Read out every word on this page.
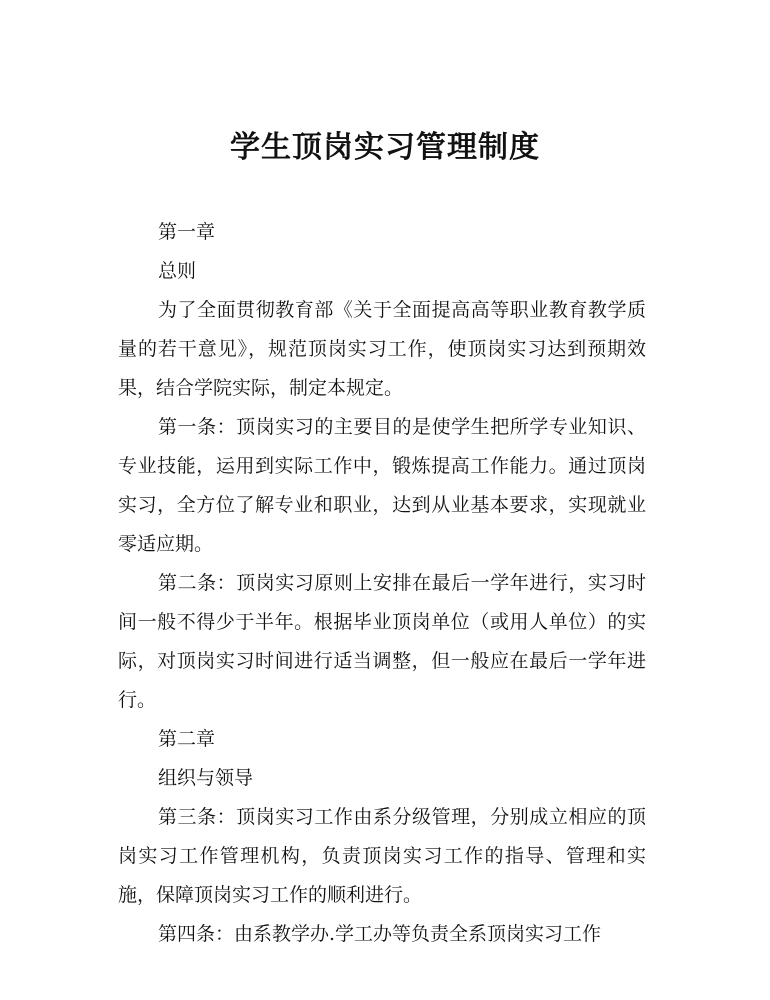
学生顶岗实习管理制度

第一章

总则

为了全面贯彻教育部《关于全面提高高等职业教育教学质量的若干意见》，规范顶岗实习工作，使顶岗实习达到预期效果，结合学院实际，制定本规定。

第一条：顶岗实习的主要目的是使学生把所学专业知识、专业技能，运用到实际工作中，锻炼提高工作能力。通过顶岗实习，全方位了解专业和职业，达到从业基本要求，实现就业零适应期。

第二条：顶岗实习原则上安排在最后一学年进行，实习时间一般不得少于半年。根据毕业顶岗单位（或用人单位）的实际，对顶岗实习时间进行适当调整，但一般应在最后一学年进行。

第二章

组织与领导

第三条：顶岗实习工作由系分级管理，分别成立相应的顶岗实习工作管理机构，负责顶岗实习工作的指导、管理和实施，保障顶岗实习工作的顺利进行。

第四条：由系教学办.学工办等负责全系顶岗实习工作
